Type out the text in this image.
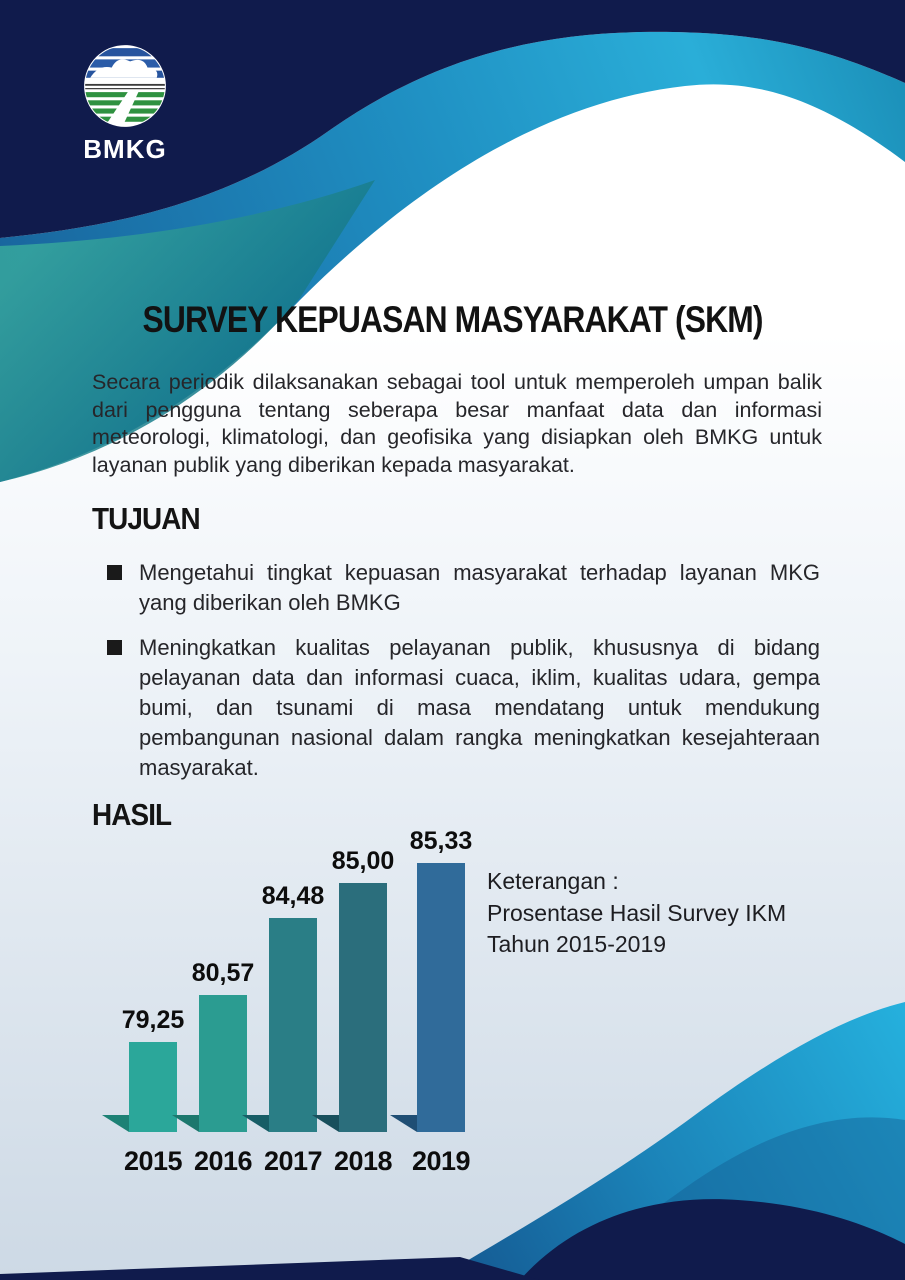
BMKG
SURVEY KEPUASAN MASYARAKAT (SKM)

Secara periodik dilaksanakan sebagai tool untuk memperoleh umpan balik dari pengguna tentang seberapa besar manfaat data dan informasi meteorologi, klimatologi, dan geofisika yang disiapkan oleh BMKG untuk layanan publik yang diberikan kepada masyarakat.

TUJUAN
Mengetahui tingkat kepuasan masyarakat terhadap layanan MKG yang diberikan oleh BMKG
Meningkatkan kualitas pelayanan publik, khususnya di bidang pelayanan data dan informasi cuaca, iklim, kualitas udara, gempa bumi, dan tsunami di masa mendatang untuk mendukung pembangunan nasional dalam rangka meningkatkan kesejahteraan masyarakat.
HASIL
79,25
2015
80,57
2016
84,48
2017
85,00
2018
85,33
2019
Keterangan :
Prosentase Hasil Survey IKM
Tahun 2015-2019
